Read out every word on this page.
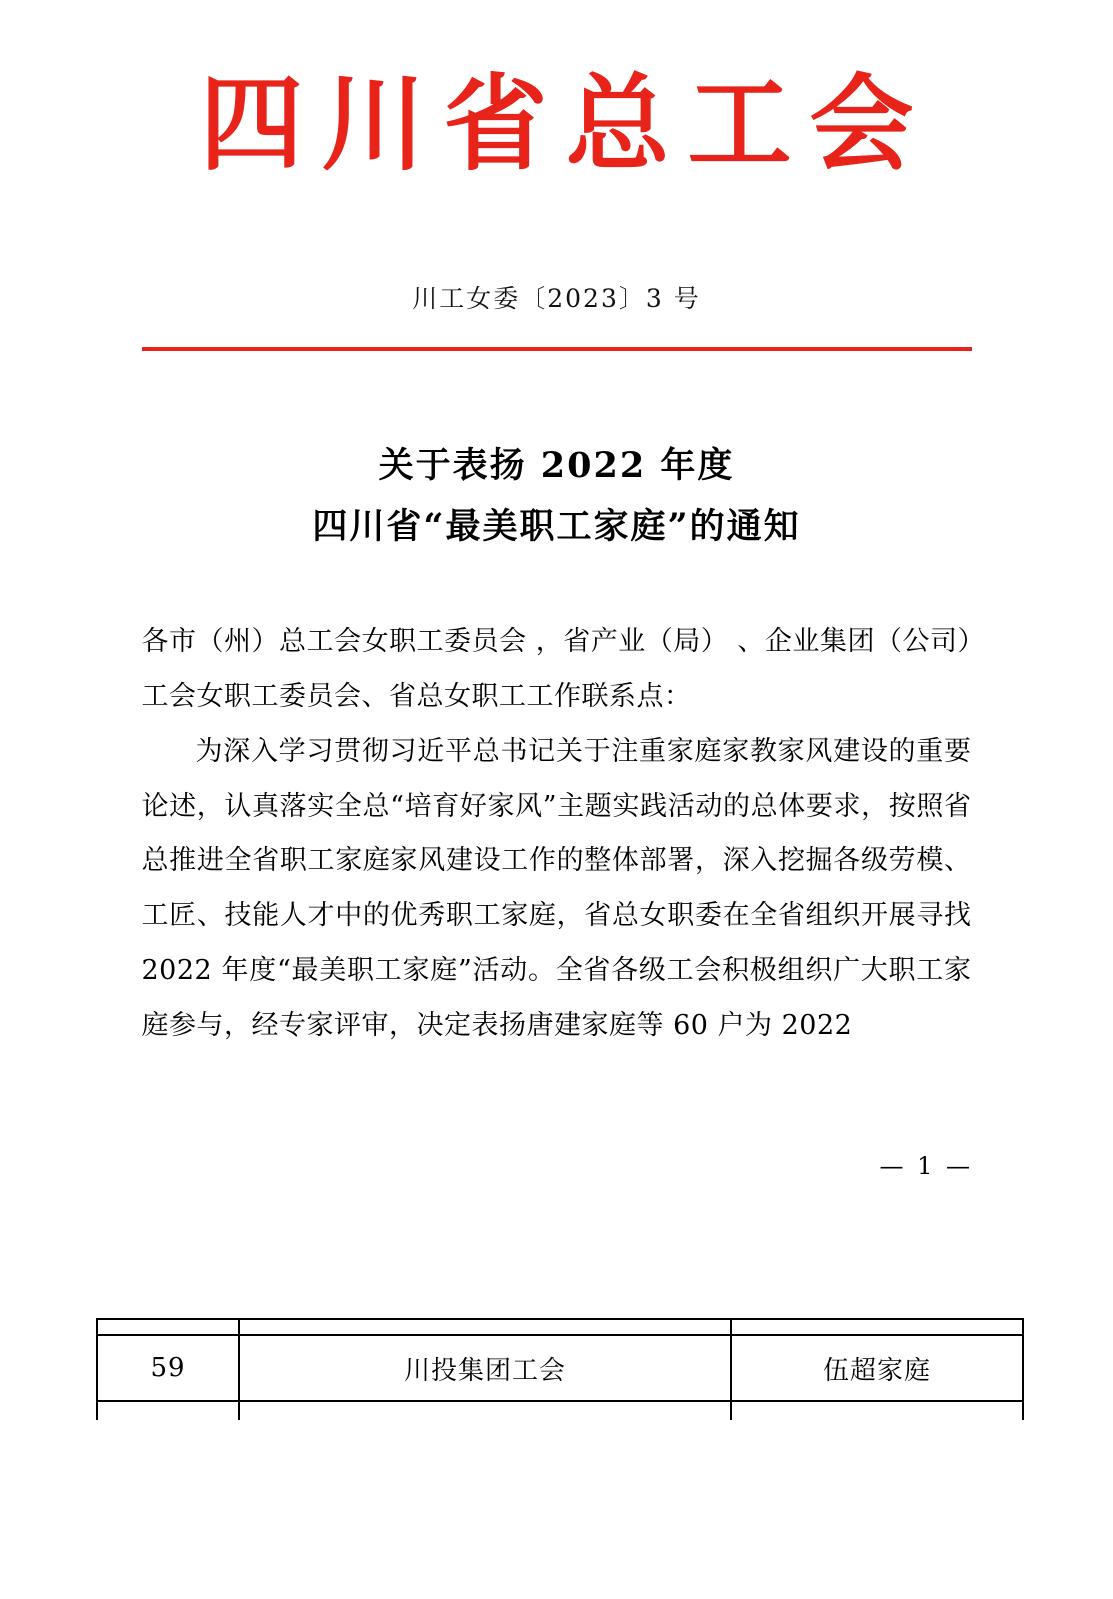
四川省总工会
川工女委〔2023〕3 号
关于表扬 2022 年度
四川省“最美职工家庭”的通知

各市（州）总工会女职工委员会 ，省产业（局） 、企业集团（公司）工会女职工委员会、省总女职工工作联系点：

为深入学习贯彻习近平总书记关于注重家庭家教家风建设的重要论述，认真落实全总“培育好家风”主题实践活动的总体要求，按照省总推进全省职工家庭家风建设工作的整体部署，深入挖掘各级劳模、工匠、技能人才中的优秀职工家庭，省总女职委在全省组织开展寻找 2022 年度“最美职工家庭”活动。全省各级工会积极组织广大职工家庭参与，经专家评审，决定表扬唐建家庭等 60 户为 2022

— 1 —

59	川投集团工会	伍超家庭
